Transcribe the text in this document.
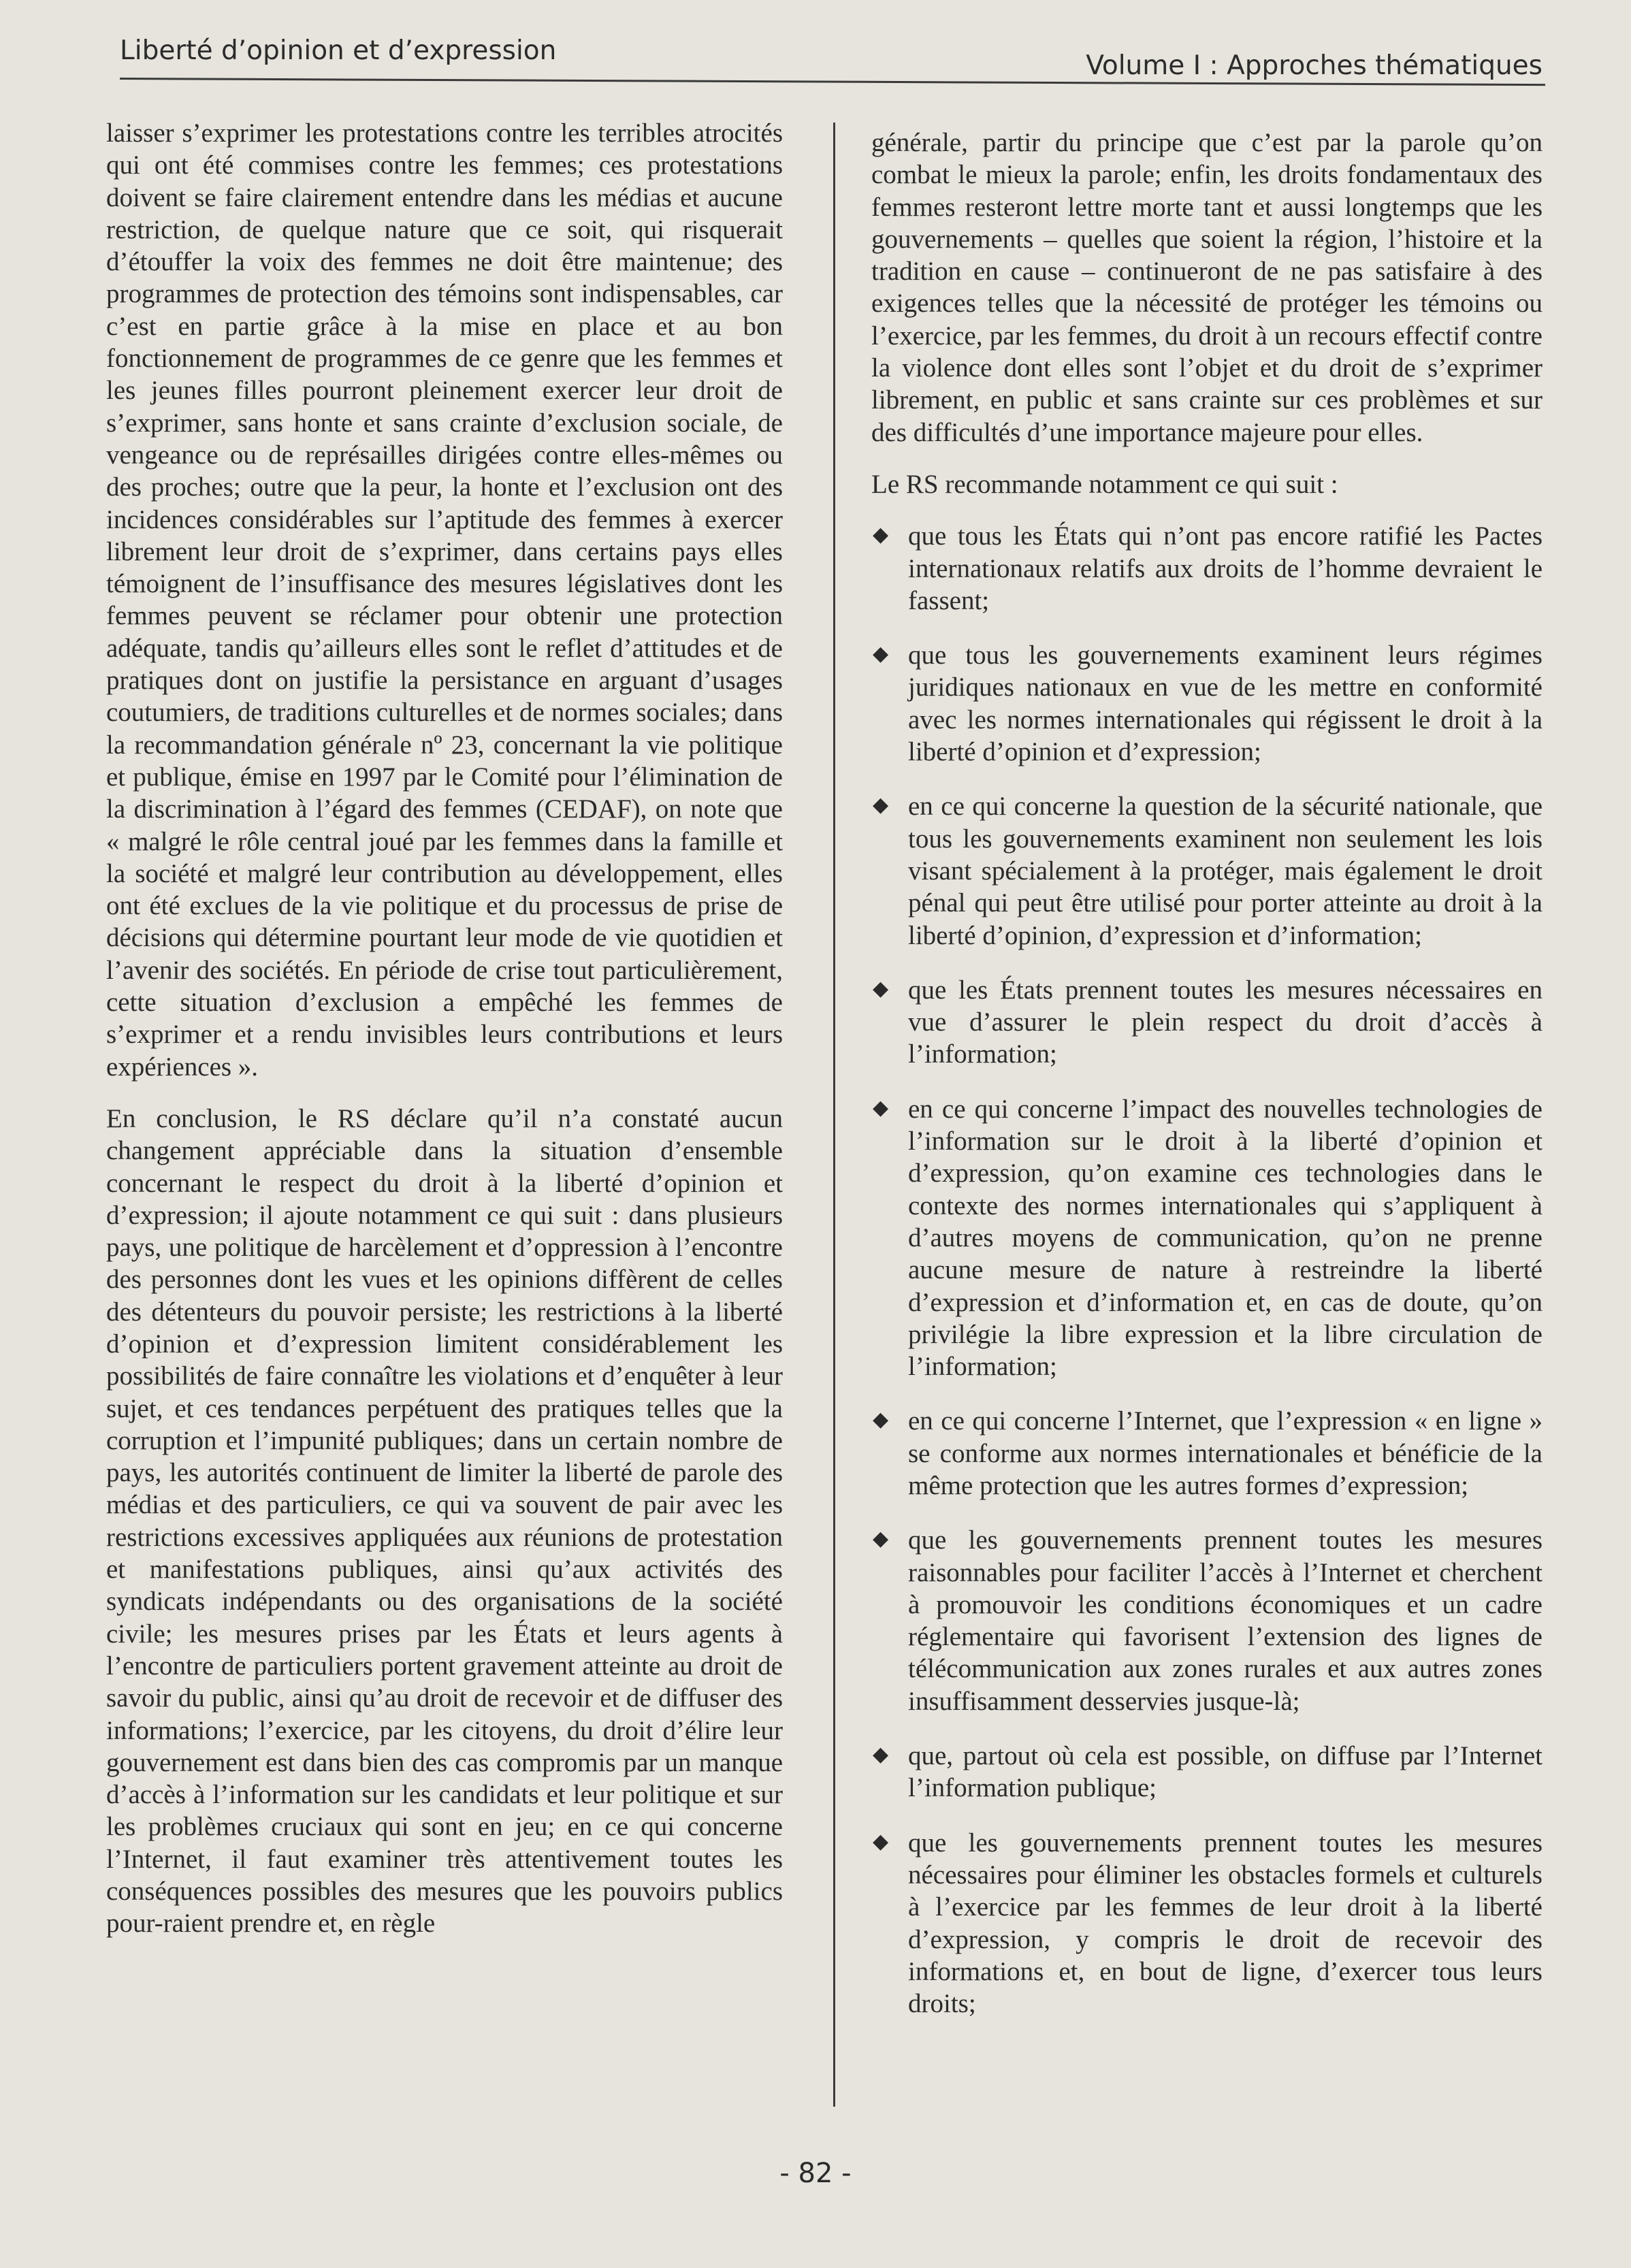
Liberté d’opinion et d’expression	Volume I : Approches thématiques

laisser s’exprimer les protestations contre les terribles atrocités qui ont été commises contre les femmes; ces protestations doivent se faire clairement entendre dans les médias et aucune restriction, de quelque nature que ce soit, qui risquerait d’étouffer la voix des femmes ne doit être maintenue; des programmes de protection des témoins sont indispensables, car c’est en partie grâce à la mise en place et au bon fonctionnement de programmes de ce genre que les femmes et les jeunes filles pourront pleinement exercer leur droit de s’exprimer, sans honte et sans crainte d’exclusion sociale, de vengeance ou de représailles dirigées contre elles-mêmes ou des proches; outre que la peur, la honte et l’exclusion ont des incidences considérables sur l’aptitude des femmes à exercer librement leur droit de s’exprimer, dans certains pays elles témoignent de l’insuffisance des mesures législatives dont les femmes peuvent se réclamer pour obtenir une protection adéquate, tandis qu’ailleurs elles sont le reflet d’attitudes et de pratiques dont on justifie la persistance en arguant d’usages coutumiers, de traditions culturelles et de normes sociales; dans la recommandation générale nº 23, concernant la vie politique et publique, émise en 1997 par le Comité pour l’élimination de la discrimination à l’égard des femmes (CEDAF), on note que « malgré le rôle central joué par les femmes dans la famille et la société et malgré leur contribution au développement, elles ont été exclues de la vie politique et du processus de prise de décisions qui détermine pourtant leur mode de vie quotidien et l’avenir des sociétés. En période de crise tout particulièrement, cette situation d’exclusion a empêché les femmes de s’exprimer et a rendu invisibles leurs contributions et leurs expériences ».

En conclusion, le RS déclare qu’il n’a constaté aucun changement appréciable dans la situation d’ensemble concernant le respect du droit à la liberté d’opinion et d’expression; il ajoute notamment ce qui suit : dans plusieurs pays, une politique de harcèlement et d’oppression à l’encontre des personnes dont les vues et les opinions diffèrent de celles des détenteurs du pouvoir persiste; les restrictions à la liberté d’opinion et d’expression limitent considérablement les possibilités de faire connaître les violations et d’enquêter à leur sujet, et ces tendances perpétuent des pratiques telles que la corruption et l’impunité publiques; dans un certain nombre de pays, les autorités continuent de limiter la liberté de parole des médias et des particuliers, ce qui va souvent de pair avec les restrictions excessives appliquées aux réunions de protestation et manifestations publiques, ainsi qu’aux activités des syndicats indépendants ou des organisations de la société civile; les mesures prises par les États et leurs agents à l’encontre de particuliers portent gravement atteinte au droit de savoir du public, ainsi qu’au droit de recevoir et de diffuser des informations; l’exercice, par les citoyens, du droit d’élire leur gouvernement est dans bien des cas compromis par un manque d’accès à l’information sur les candidats et leur politique et sur les problèmes cruciaux qui sont en jeu; en ce qui concerne l’Internet, il faut examiner très attentivement toutes les conséquences possibles des mesures que les pouvoirs publics pour-raient prendre et, en règle

générale, partir du principe que c’est par la parole qu’on combat le mieux la parole; enfin, les droits fondamentaux des femmes resteront lettre morte tant et aussi longtemps que les gouvernements – quelles que soient la région, l’histoire et la tradition en cause – continueront de ne pas satisfaire à des exigences telles que la nécessité de protéger les témoins ou l’exercice, par les femmes, du droit à un recours effectif contre la violence dont elles sont l’objet et du droit de s’exprimer librement, en public et sans crainte sur ces problèmes et sur des difficultés d’une importance majeure pour elles.

Le RS recommande notamment ce qui suit :

◆ que tous les États qui n’ont pas encore ratifié les Pactes internationaux relatifs aux droits de l’homme devraient le fassent;
◆ que tous les gouvernements examinent leurs régimes juridiques nationaux en vue de les mettre en conformité avec les normes internationales qui régissent le droit à la liberté d’opinion et d’expression;
◆ en ce qui concerne la question de la sécurité nationale, que tous les gouvernements examinent non seulement les lois visant spécialement à la protéger, mais également le droit pénal qui peut être utilisé pour porter atteinte au droit à la liberté d’opinion, d’expression et d’information;
◆ que les États prennent toutes les mesures nécessaires en vue d’assurer le plein respect du droit d’accès à l’information;
◆ en ce qui concerne l’impact des nouvelles technologies de l’information sur le droit à la liberté d’opinion et d’expression, qu’on examine ces technologies dans le contexte des normes internationales qui s’appliquent à d’autres moyens de communication, qu’on ne prenne aucune mesure de nature à restreindre la liberté d’expression et d’information et, en cas de doute, qu’on privilégie la libre expression et la libre circulation de l’information;
◆ en ce qui concerne l’Internet, que l’expression « en ligne » se conforme aux normes internationales et bénéficie de la même protection que les autres formes d’expression;
◆ que les gouvernements prennent toutes les mesures raisonnables pour faciliter l’accès à l’Internet et cherchent à promouvoir les conditions économiques et un cadre réglementaire qui favorisent l’extension des lignes de télécommunication aux zones rurales et aux autres zones insuffisamment desservies jusque-là;
◆ que, partout où cela est possible, on diffuse par l’Internet l’information publique;
◆ que les gouvernements prennent toutes les mesures nécessaires pour éliminer les obstacles formels et culturels à l’exercice par les femmes de leur droit à la liberté d’expression, y compris le droit de recevoir des informations et, en bout de ligne, d’exercer tous leurs droits;
- 82 -
